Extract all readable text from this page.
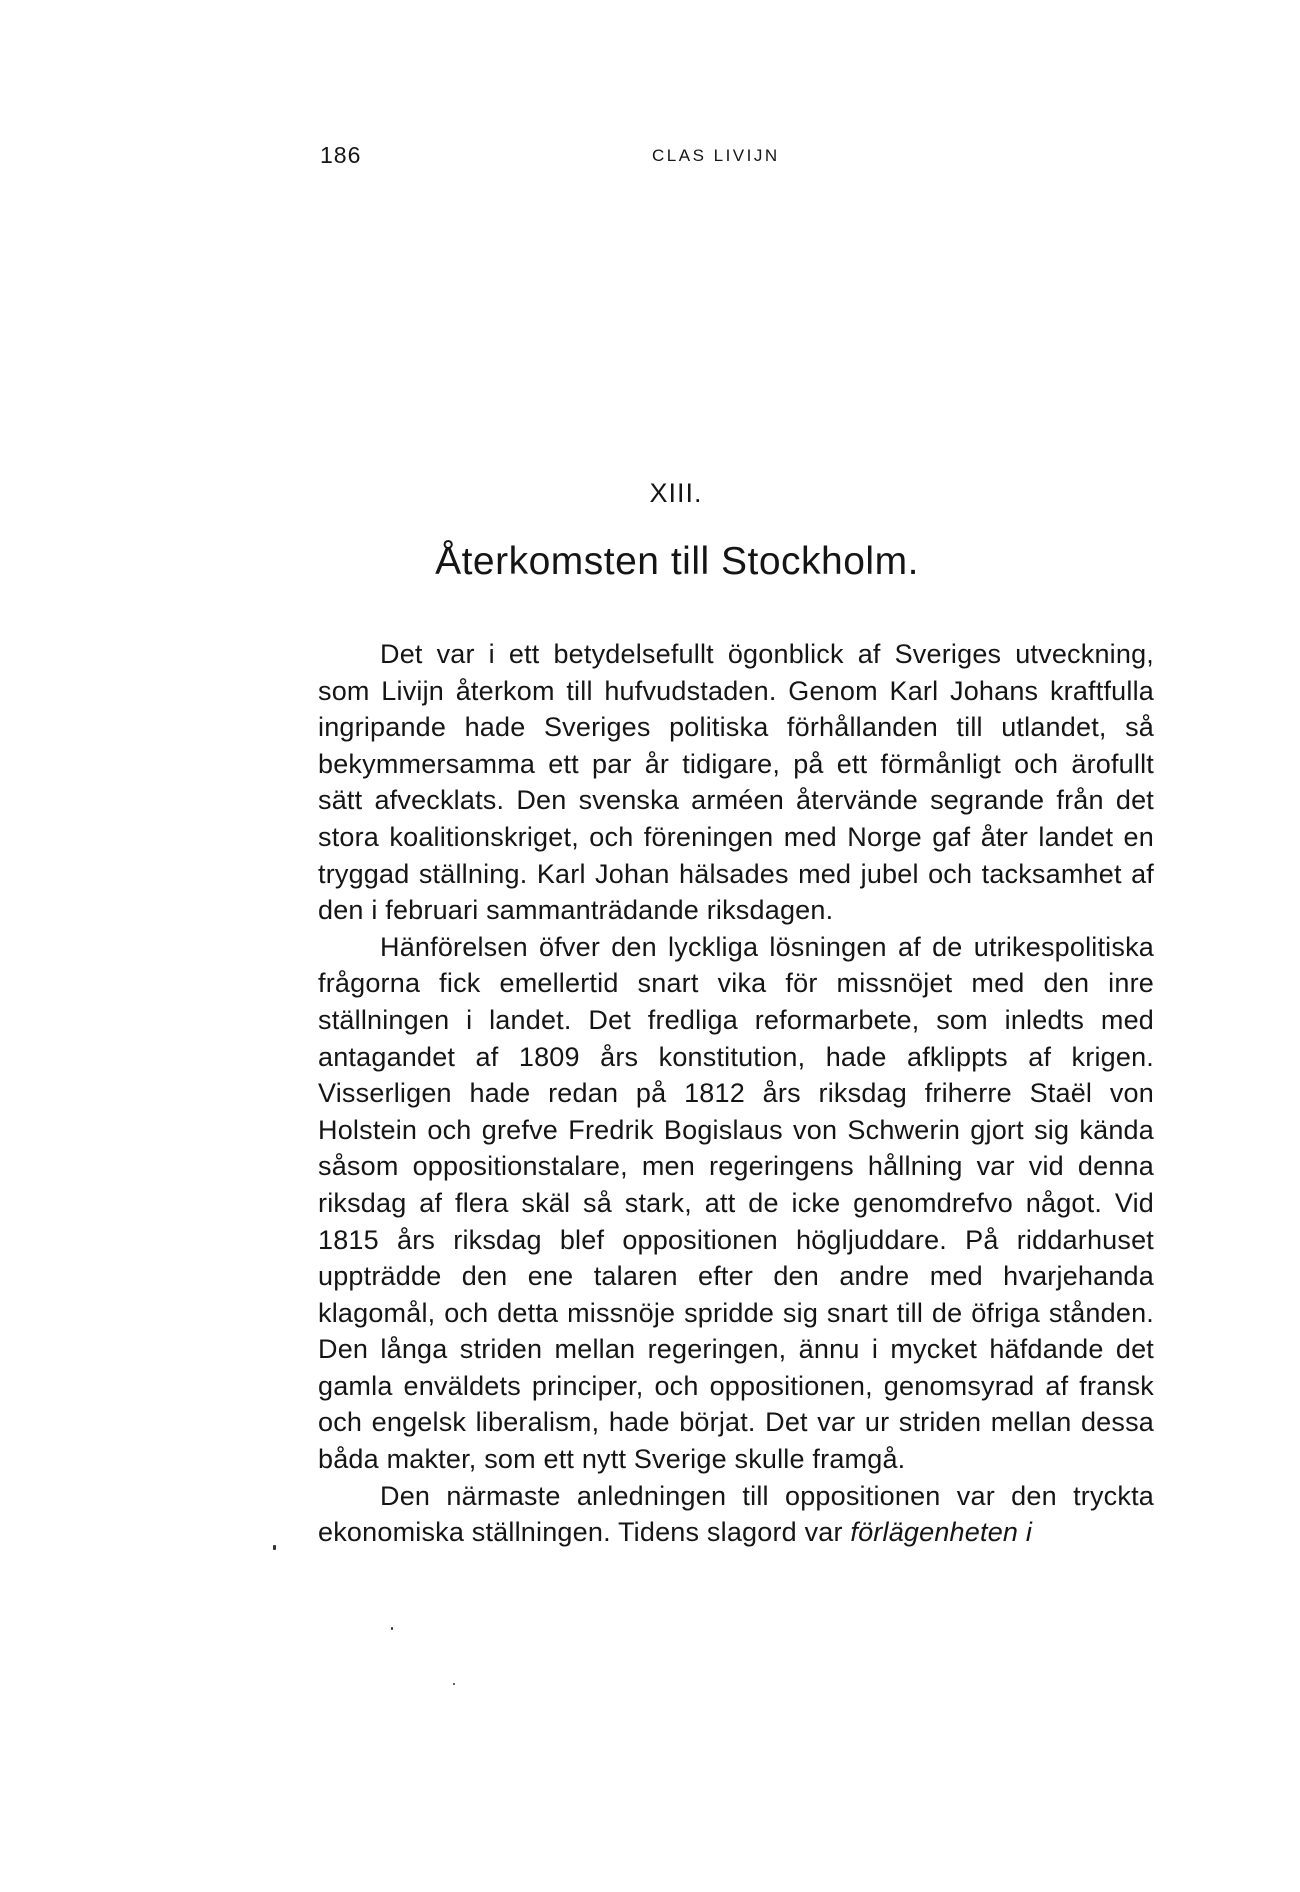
186	CLAS LIVIJN
XIII.
Återkomsten till Stockholm.

Det var i ett betydelsefullt ögonblick af Sveriges utveckning, som Livijn återkom till hufvudstaden. Genom Karl Johans kraftfulla ingripande hade Sveriges politiska förhållanden till utlandet, så bekymmersamma ett par år tidigare, på ett förmånligt och ärofullt sätt afvecklats. Den svenska arméen återvände segrande från det stora koalitionskriget, och föreningen med Norge gaf åter landet en tryggad ställning. Karl Johan hälsades med jubel och tacksamhet af den i februari sammanträdande riksdagen.

Hänförelsen öfver den lyckliga lösningen af de utrikespolitiska frågorna fick emellertid snart vika för missnöjet med den inre ställningen i landet. Det fredliga reformarbete, som inledts med antagandet af 1809 års konstitution, hade afklippts af krigen. Visserligen hade redan på 1812 års riksdag friherre Staël von Holstein och grefve Fredrik Bogislaus von Schwerin gjort sig kända såsom oppositionstalare, men regeringens hållning var vid denna riksdag af flera skäl så stark, att de icke genomdrefvo något. Vid 1815 års riksdag blef oppositionen högljuddare. På riddarhuset uppträdde den ene talaren efter den andre med hvarjehanda klagomål, och detta missnöje spridde sig snart till de öfriga stånden. Den långa striden mellan regeringen, ännu i mycket häfdande det gamla enväldets principer, och oppositionen, genomsyrad af fransk och engelsk liberalism, hade börjat. Det var ur striden mellan dessa båda makter, som ett nytt Sverige skulle framgå.

Den närmaste anledningen till oppositionen var den tryckta ekonomiska ställningen. Tidens slagord var förlägenheten i
